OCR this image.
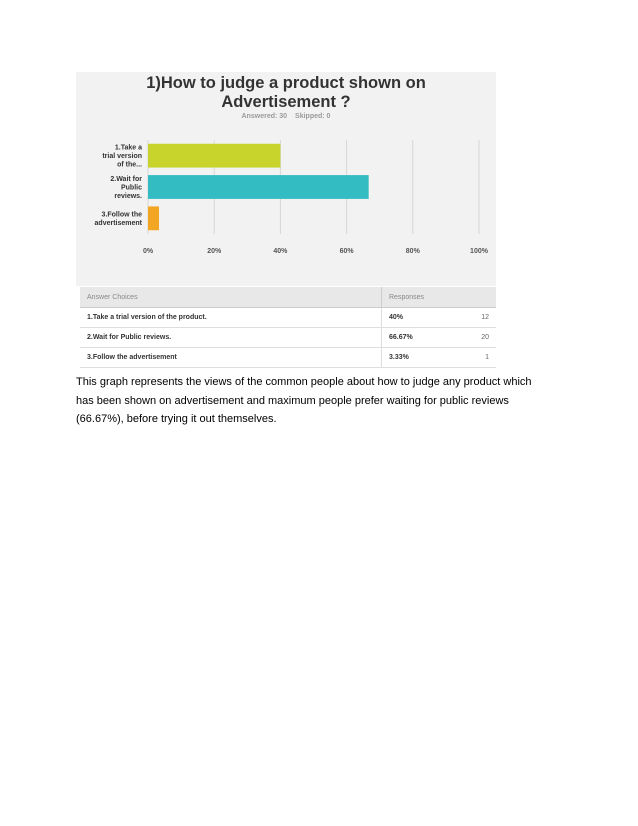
1)How to judge a product shown on
Advertisement ?
Answered: 30 Skipped: 0
0%	20%	40%	60%	80%	100%
1.Take a trial version of the...
2.Wait for Public reviews.
3.Follow the advertisement
Answer Choices	Responses	
1.Take a trial version of the product.	40%	12
2.Wait for Public reviews.	66.67%	20
3.Follow the advertisement	3.33%	1
This graph represents the views of the common people about how to judge any product which
has been shown on advertisement and maximum people prefer waiting for public reviews
(66.67%), before trying it out themselves.
